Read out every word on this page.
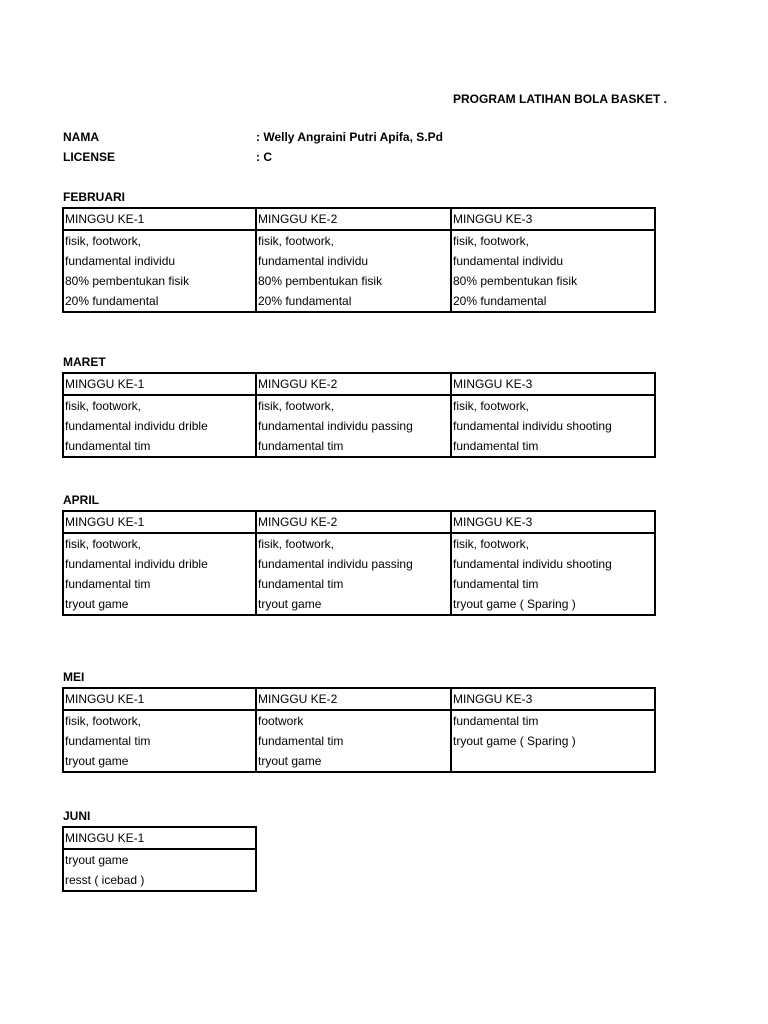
PROGRAM LATIHAN BOLA BASKET .
NAMA	: Welly Angraini Putri Apifa, S.Pd
LICENSE	: C
FEBRUARI
MINGGU KE-1	MINGGU KE-2	MINGGU KE-3
fisik, footwork,	fisik, footwork,	fisik, footwork,
fundamental individu	fundamental individu	fundamental individu
80% pembentukan fisik	80% pembentukan fisik	80% pembentukan fisik
20% fundamental	20% fundamental	20% fundamental
MARET
MINGGU KE-1	MINGGU KE-2	MINGGU KE-3
fisik, footwork,	fisik, footwork,	fisik, footwork,
fundamental individu drible	fundamental individu passing	fundamental individu shooting
fundamental tim	fundamental tim	fundamental tim
APRIL
MINGGU KE-1	MINGGU KE-2	MINGGU KE-3
fisik, footwork,	fisik, footwork,	fisik, footwork,
fundamental individu drible	fundamental individu passing	fundamental individu shooting
fundamental tim	fundamental tim	fundamental tim
tryout game	tryout game	tryout game ( Sparing )
MEI
MINGGU KE-1	MINGGU KE-2	MINGGU KE-3
fisik, footwork,	footwork	fundamental tim
fundamental tim	fundamental tim	tryout game ( Sparing )
tryout game	tryout game	
JUNI
MINGGU KE-1
tryout game
resst ( icebad )
